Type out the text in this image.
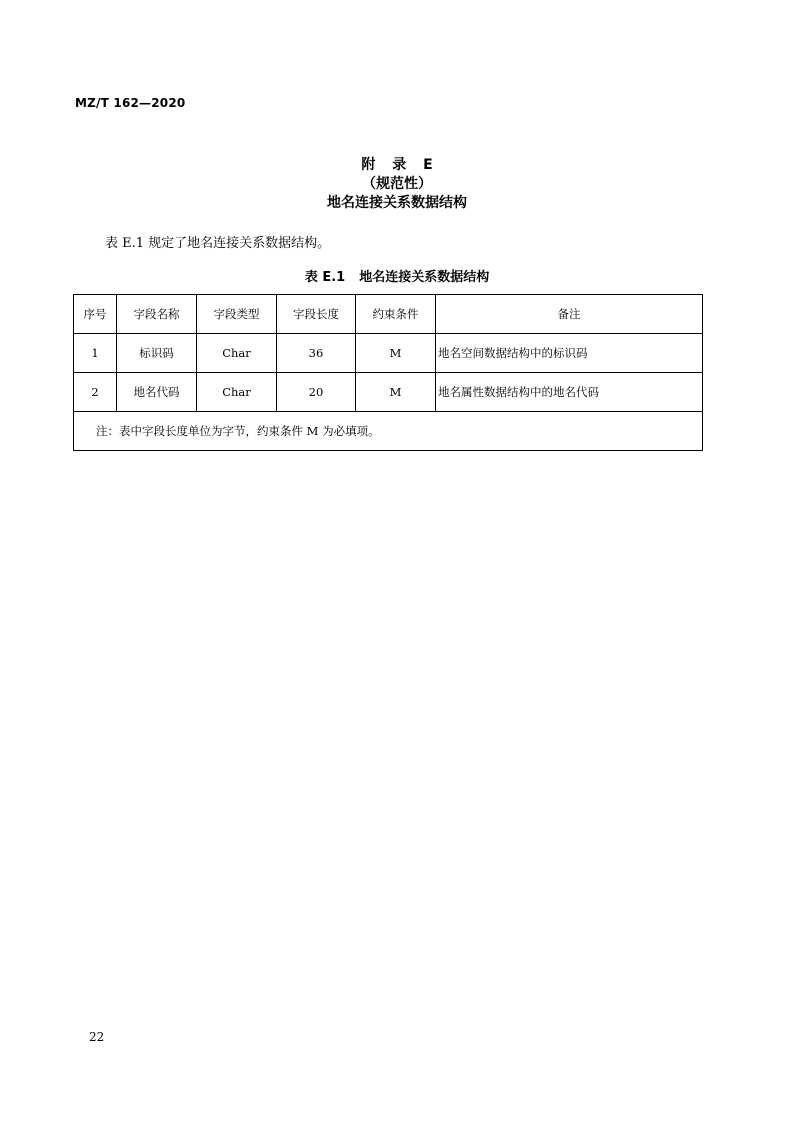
MZ/T 162—2020
附 录 E
（规范性）
地名连接关系数据结构
表 E.1 规定了地名连接关系数据结构。
表 E.1 地名连接关系数据结构
序号	字段名称	字段类型	字段长度	约束条件	备注
1	标识码	Char	36	M	地名空间数据结构中的标识码
2	地名代码	Char	20	M	地名属性数据结构中的地名代码
注：表中字段长度单位为字节，约束条件 M 为必填项。					
22
